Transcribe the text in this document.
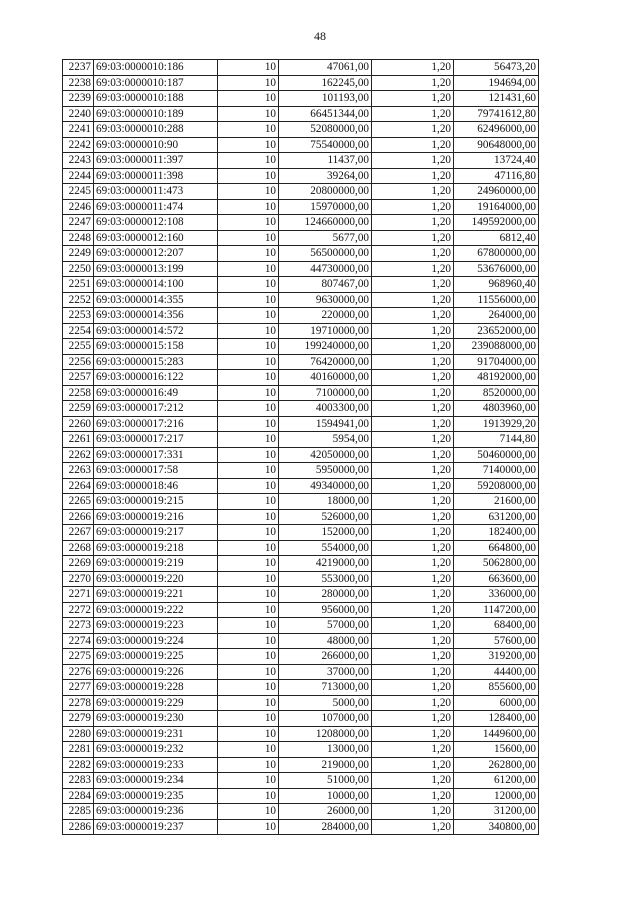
48
2237	69:03:0000010:186	10	47061,00	1,20	56473,20
2238	69:03:0000010:187	10	162245,00	1,20	194694,00
2239	69:03:0000010:188	10	101193,00	1,20	121431,60
2240	69:03:0000010:189	10	66451344,00	1,20	79741612,80
2241	69:03:0000010:288	10	52080000,00	1,20	62496000,00
2242	69:03:0000010:90	10	75540000,00	1,20	90648000,00
2243	69:03:0000011:397	10	11437,00	1,20	13724,40
2244	69:03:0000011:398	10	39264,00	1,20	47116,80
2245	69:03:0000011:473	10	20800000,00	1,20	24960000,00
2246	69:03:0000011:474	10	15970000,00	1,20	19164000,00
2247	69:03:0000012:108	10	124660000,00	1,20	149592000,00
2248	69:03:0000012:160	10	5677,00	1,20	6812,40
2249	69:03:0000012:207	10	56500000,00	1,20	67800000,00
2250	69:03:0000013:199	10	44730000,00	1,20	53676000,00
2251	69:03:0000014:100	10	807467,00	1,20	968960,40
2252	69:03:0000014:355	10	9630000,00	1,20	11556000,00
2253	69:03:0000014:356	10	220000,00	1,20	264000,00
2254	69:03:0000014:572	10	19710000,00	1,20	23652000,00
2255	69:03:0000015:158	10	199240000,00	1,20	239088000,00
2256	69:03:0000015:283	10	76420000,00	1,20	91704000,00
2257	69:03:0000016:122	10	40160000,00	1,20	48192000,00
2258	69:03:0000016:49	10	7100000,00	1,20	8520000,00
2259	69:03:0000017:212	10	4003300,00	1,20	4803960,00
2260	69:03:0000017:216	10	1594941,00	1,20	1913929,20
2261	69:03:0000017:217	10	5954,00	1,20	7144,80
2262	69:03:0000017:331	10	42050000,00	1,20	50460000,00
2263	69:03:0000017:58	10	5950000,00	1,20	7140000,00
2264	69:03:0000018:46	10	49340000,00	1,20	59208000,00
2265	69:03:0000019:215	10	18000,00	1,20	21600,00
2266	69:03:0000019:216	10	526000,00	1,20	631200,00
2267	69:03:0000019:217	10	152000,00	1,20	182400,00
2268	69:03:0000019:218	10	554000,00	1,20	664800,00
2269	69:03:0000019:219	10	4219000,00	1,20	5062800,00
2270	69:03:0000019:220	10	553000,00	1,20	663600,00
2271	69:03:0000019:221	10	280000,00	1,20	336000,00
2272	69:03:0000019:222	10	956000,00	1,20	1147200,00
2273	69:03:0000019:223	10	57000,00	1,20	68400,00
2274	69:03:0000019:224	10	48000,00	1,20	57600,00
2275	69:03:0000019:225	10	266000,00	1,20	319200,00
2276	69:03:0000019:226	10	37000,00	1,20	44400,00
2277	69:03:0000019:228	10	713000,00	1,20	855600,00
2278	69:03:0000019:229	10	5000,00	1,20	6000,00
2279	69:03:0000019:230	10	107000,00	1,20	128400,00
2280	69:03:0000019:231	10	1208000,00	1,20	1449600,00
2281	69:03:0000019:232	10	13000,00	1,20	15600,00
2282	69:03:0000019:233	10	219000,00	1,20	262800,00
2283	69:03:0000019:234	10	51000,00	1,20	61200,00
2284	69:03:0000019:235	10	10000,00	1,20	12000,00
2285	69:03:0000019:236	10	26000,00	1,20	31200,00
2286	69:03:0000019:237	10	284000,00	1,20	340800,00
